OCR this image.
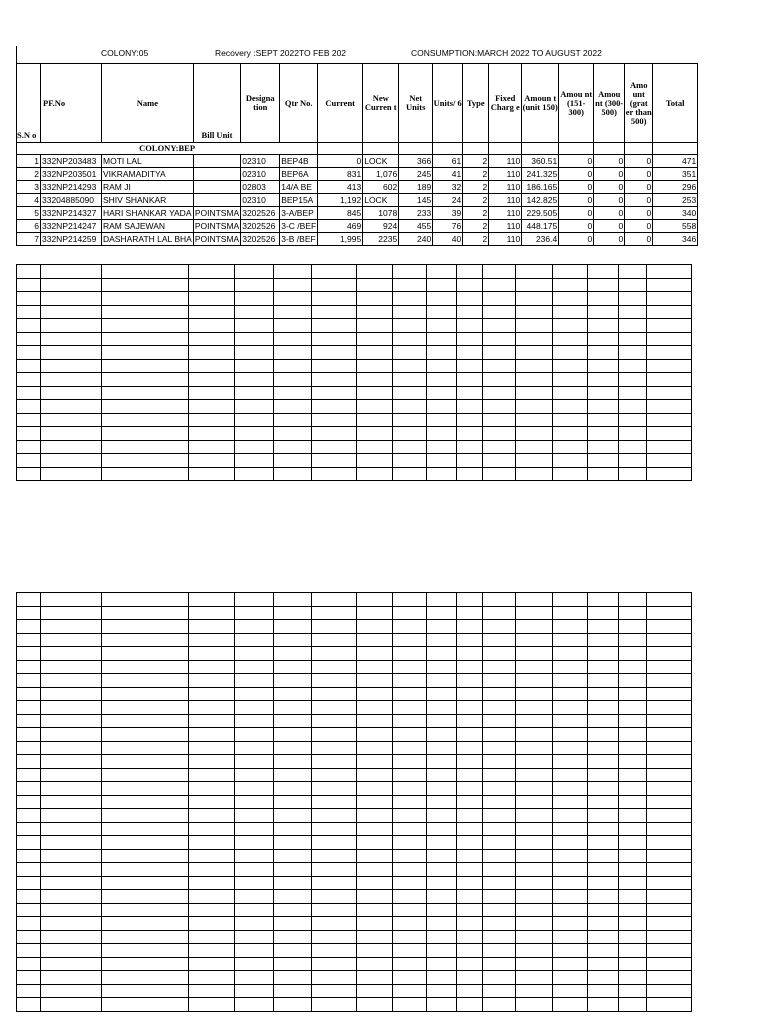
COLONY:05	Recovery :SEPT 2022TO FEB 202	CONSUMPTION:MARCH 2022 TO AUGUST 2022
S.N o	PF.No	Name	Bill Unit	Designa tion	Qtr No.	Current	New Curren t	Net Units	Units/ 6	Type	Fixed Charg e	Amoun t (unit 150)	Amou nt (151- 300)	Amou nt (300- 500)	Amo unt (grat er than 500)	Total
COLONY:BEP																
1	332NP203483	MOTI LAL		02310	BEP4B	0	LOCK	366	61	2	110	360.51	0	0	0	471
2	332NP203501	VIKRAMADITYA		02310	BEP6A	831	1,076	245	41	2	110	241.325	0	0	0	351
3	332NP214293	RAM JI		02803	14/A BE	413	602	189	32	2	110	186.165	0	0	0	296
4	33204885090	SHIV SHANKAR		02310	BEP15A	1,192	LOCK	145	24	2	110	142.825	0	0	0	253
5	332NP214327	HARI SHANKAR YADA	POINTSMA	3202526	3-A/BEP	845	1078	233	39	2	110	229.505	0	0	0	340
6	332NP214247	RAM SAJEWAN	POINTSMA	3202526	3-C /BEF	469	924	455	76	2	110	448.175	0	0	0	558
7	332NP214259	DASHARATH LAL BHA	POINTSMA	3202526	3-B /BEF	1,995	2235	240	40	2	110	236.4	0	0	0	346
